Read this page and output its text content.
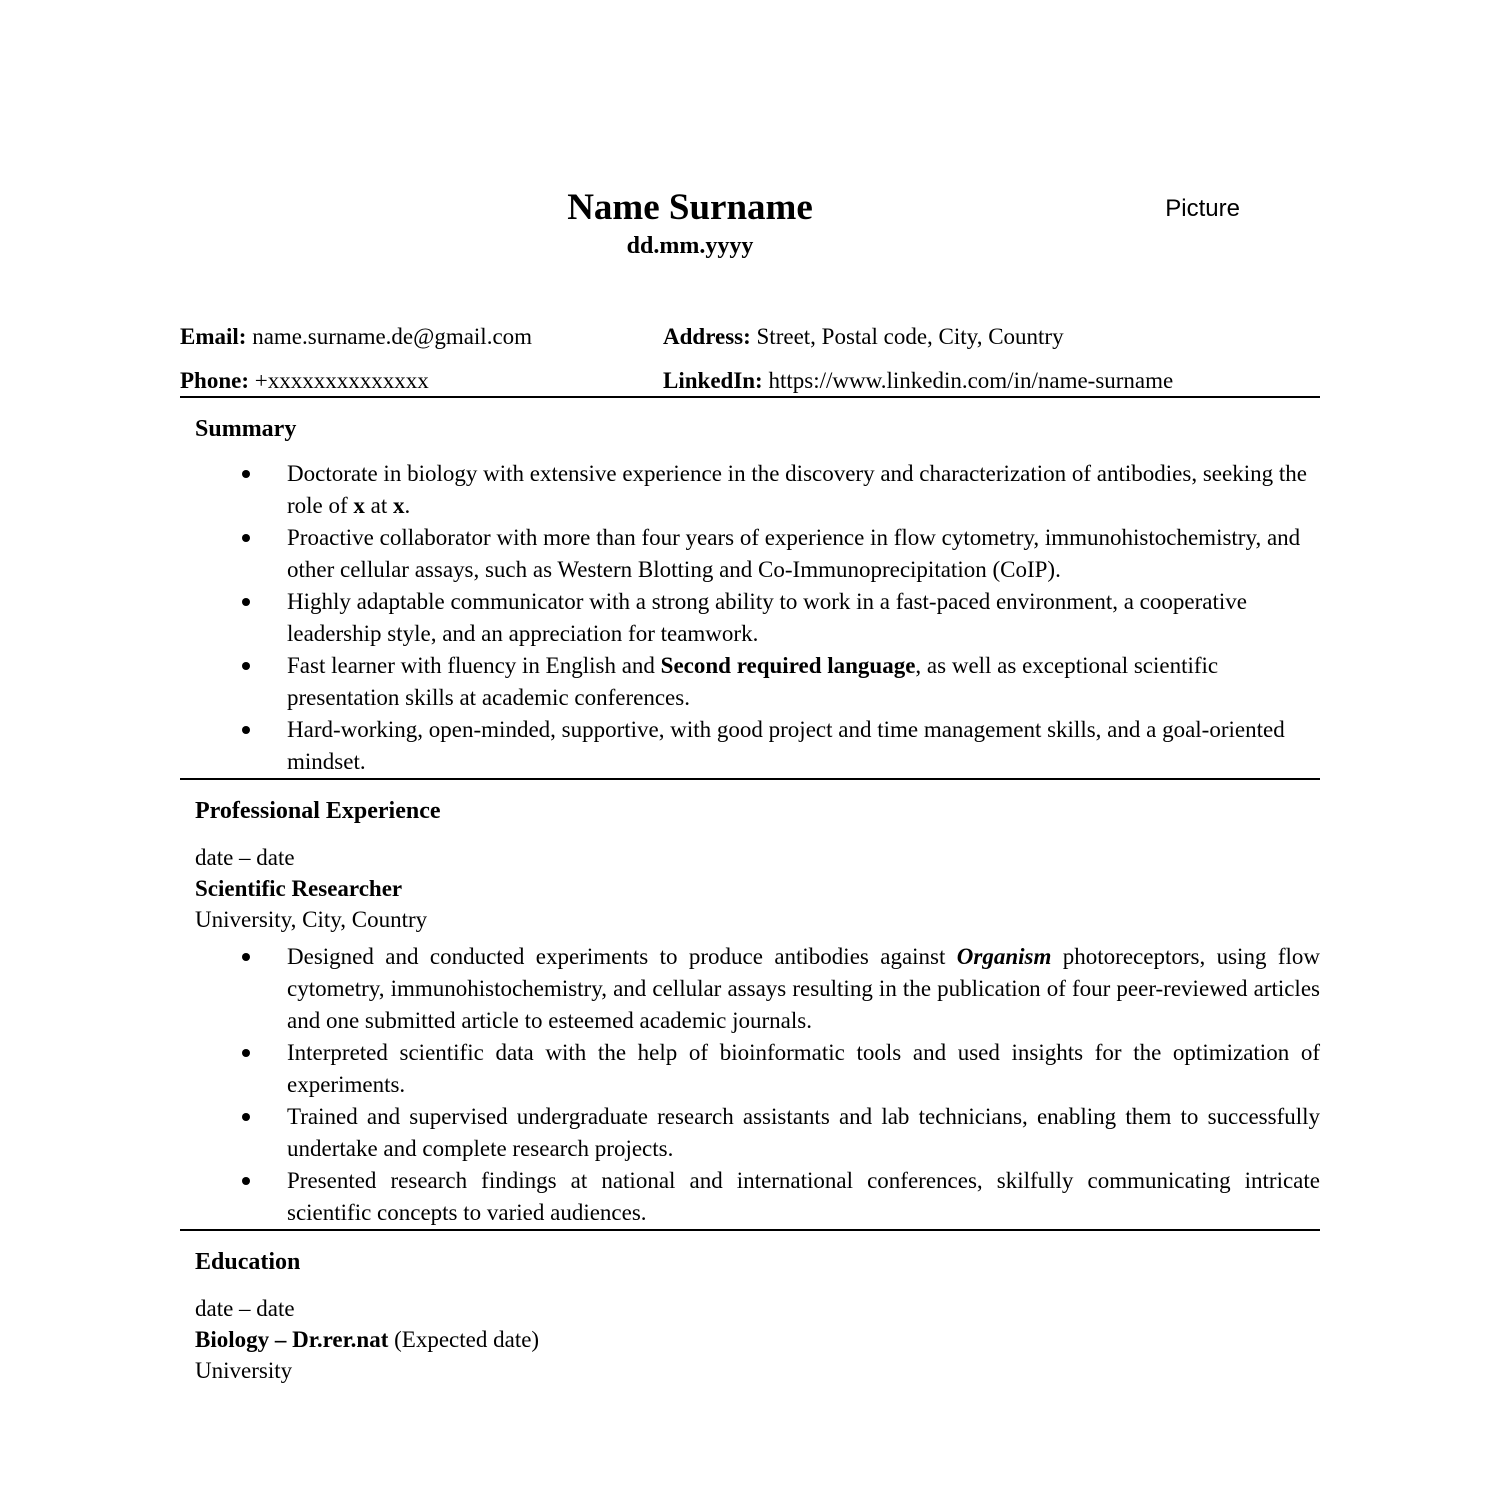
Name Surname
dd.mm.yyyy
Picture
Email: name.surname.de@gmail.com	Address: Street, Postal code, City, Country
Phone: +xxxxxxxxxxxxxx	LinkedIn: https://www.linkedin.com/in/name-surname
Summary
Doctorate in biology with extensive experience in the discovery and characterization of antibodies, seeking the role of x at x.
Proactive collaborator with more than four years of experience in flow cytometry, immunohistochemistry, and other cellular assays, such as Western Blotting and Co-Immunoprecipitation (CoIP).
Highly adaptable communicator with a strong ability to work in a fast-paced environment, a cooperative leadership style, and an appreciation for teamwork.
Fast learner with fluency in English and Second required language, as well as exceptional scientific presentation skills at academic conferences.
Hard-working, open-minded, supportive, with good project and time management skills, and a goal-oriented mindset.
Professional Experience
date – date
Scientific Researcher
University, City, Country
Designed and conducted experiments to produce antibodies against Organism photoreceptors, using flow cytometry, immunohistochemistry, and cellular assays resulting in the publication of four peer-reviewed articles and one submitted article to esteemed academic journals.
Interpreted scientific data with the help of bioinformatic tools and used insights for the optimization of experiments.
Trained and supervised undergraduate research assistants and lab technicians, enabling them to successfully undertake and complete research projects.
Presented research findings at national and international conferences, skilfully communicating intricate scientific concepts to varied audiences.
Education
date – date
Biology – Dr.rer.nat (Expected date)
University
